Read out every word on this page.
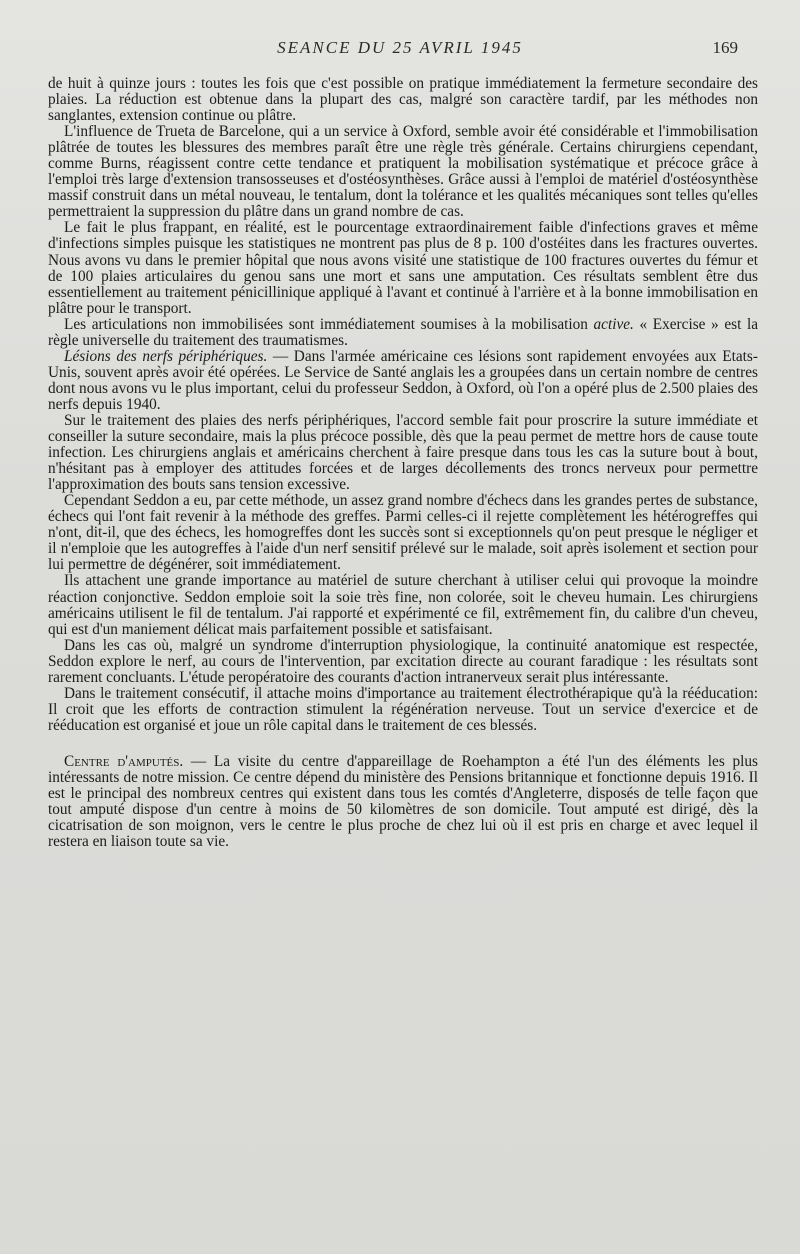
SEANCE DU 25 AVRIL 1945	169

de huit à quinze jours : toutes les fois que c'est possible on pratique immédiatement la fermeture secondaire des plaies. La réduction est obtenue dans la plupart des cas, malgré son caractère tardif, par les méthodes non sanglantes, extension continue ou plâtre.

L'influence de Trueta de Barcelone, qui a un service à Oxford, semble avoir été considérable et l'immobilisation plâtrée de toutes les blessures des membres paraît être une règle très générale. Certains chirurgiens cependant, comme Burns, réagissent contre cette tendance et pratiquent la mobilisation systématique et précoce grâce à l'emploi très large d'extension transosseuses et d'ostéosynthèses. Grâce aussi à l'emploi de matériel d'ostéosynthèse massif construit dans un métal nouveau, le tentalum, dont la tolérance et les qualités mécaniques sont telles qu'elles permettraient la suppression du plâtre dans un grand nombre de cas.

Le fait le plus frappant, en réalité, est le pourcentage extraordinairement faible d'infections graves et même d'infections simples puisque les statistiques ne montrent pas plus de 8 p. 100 d'ostéites dans les fractures ouvertes. Nous avons vu dans le premier hôpital que nous avons visité une statistique de 100 fractures ouvertes du fémur et de 100 plaies articulaires du genou sans une mort et sans une amputation. Ces résultats semblent être dus essentiellement au traitement pénicillinique appliqué à l'avant et continué à l'arrière et à la bonne immobilisation en plâtre pour le transport.

Les articulations non immobilisées sont immédiatement soumises à la mobilisation active. « Exercise » est la règle universelle du traitement des traumatismes.

Lésions des nerfs périphériques. — Dans l'armée américaine ces lésions sont rapidement envoyées aux Etats-Unis, souvent après avoir été opérées. Le Service de Santé anglais les a groupées dans un certain nombre de centres dont nous avons vu le plus important, celui du professeur Seddon, à Oxford, où l'on a opéré plus de 2.500 plaies des nerfs depuis 1940.

Sur le traitement des plaies des nerfs périphériques, l'accord semble fait pour proscrire la suture immédiate et conseiller la suture secondaire, mais la plus précoce possible, dès que la peau permet de mettre hors de cause toute infection. Les chirurgiens anglais et américains cherchent à faire presque dans tous les cas la suture bout à bout, n'hésitant pas à employer des attitudes forcées et de larges décollements des troncs nerveux pour permettre l'approximation des bouts sans tension excessive.

Cependant Seddon a eu, par cette méthode, un assez grand nombre d'échecs dans les grandes pertes de substance, échecs qui l'ont fait revenir à la méthode des greffes. Parmi celles-ci il rejette complètement les hétérogreffes qui n'ont, dit-il, que des échecs, les homogreffes dont les succès sont si exceptionnels qu'on peut presque le négliger et il n'emploie que les autogreffes à l'aide d'un nerf sensitif prélevé sur le malade, soit après isolement et section pour lui permettre de dégénérer, soit immédiatement.

Ils attachent une grande importance au matériel de suture cherchant à utiliser celui qui provoque la moindre réaction conjonctive. Seddon emploie soit la soie très fine, non colorée, soit le cheveu humain. Les chirurgiens américains utilisent le fil de tentalum. J'ai rapporté et expérimenté ce fil, extrêmement fin, du calibre d'un cheveu, qui est d'un maniement délicat mais parfaitement possible et satisfaisant.

Dans les cas où, malgré un syndrome d'interruption physiologique, la continuité anatomique est respectée, Seddon explore le nerf, au cours de l'intervention, par excitation directe au courant faradique : les résultats sont rarement concluants. L'étude peropératoire des courants d'action intranerveux serait plus intéressante.

Dans le traitement consécutif, il attache moins d'importance au traitement électrothérapique qu'à la rééducation: Il croit que les efforts de contraction stimulent la régénération nerveuse. Tout un service d'exercice et de rééducation est organisé et joue un rôle capital dans le traitement de ces blessés.

Centre d'amputés. — La visite du centre d'appareillage de Roehampton a été l'un des éléments les plus intéressants de notre mission. Ce centre dépend du ministère des Pensions britannique et fonctionne depuis 1916. Il est le principal des nombreux centres qui existent dans tous les comtés d'Angleterre, disposés de telle façon que tout amputé dispose d'un centre à moins de 50 kilomètres de son domicile. Tout amputé est dirigé, dès la cicatrisation de son moignon, vers le centre le plus proche de chez lui où il est pris en charge et avec lequel il restera en liaison toute sa vie.
